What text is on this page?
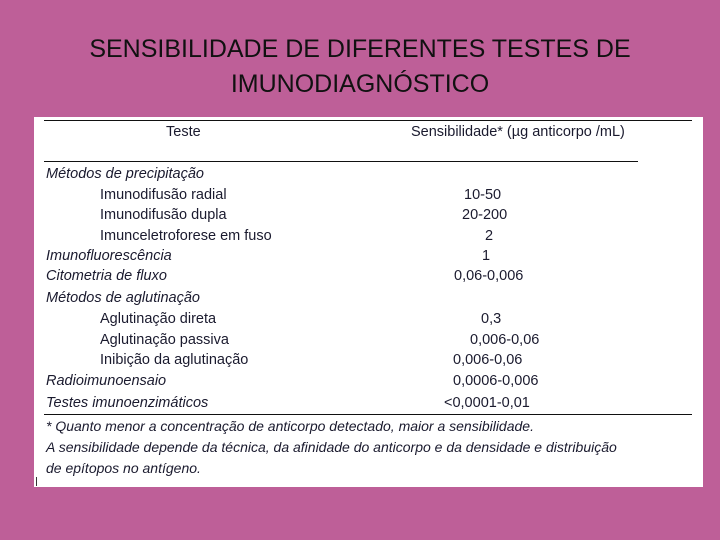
SENSIBILIDADE DE DIFERENTES TESTES DE
IMUNODIAGNÓSTICO
Teste	Sensibilidade* (µg anticorpo /mL)
Métodos de precipitação
Imunodifusão radial	10-50
Imunodifusão dupla	20-200
Imunceletroforese em fuso	2
Imunofluorescência	1
Citometria de fluxo	0,06-0,006
Métodos de aglutinação
Aglutinação direta	0,3
Aglutinação passiva	0,006-0,06
Inibição da aglutinação	0,006-0,06
Radioimunoensaio	0,0006-0,006
Testes imunoenzimáticos	<0,0001-0,01
* Quanto menor a concentração de anticorpo detectado, maior a sensibilidade.
A sensibilidade depende da técnica, da afinidade do anticorpo e da densidade e distribuição
de epítopos no antígeno.
